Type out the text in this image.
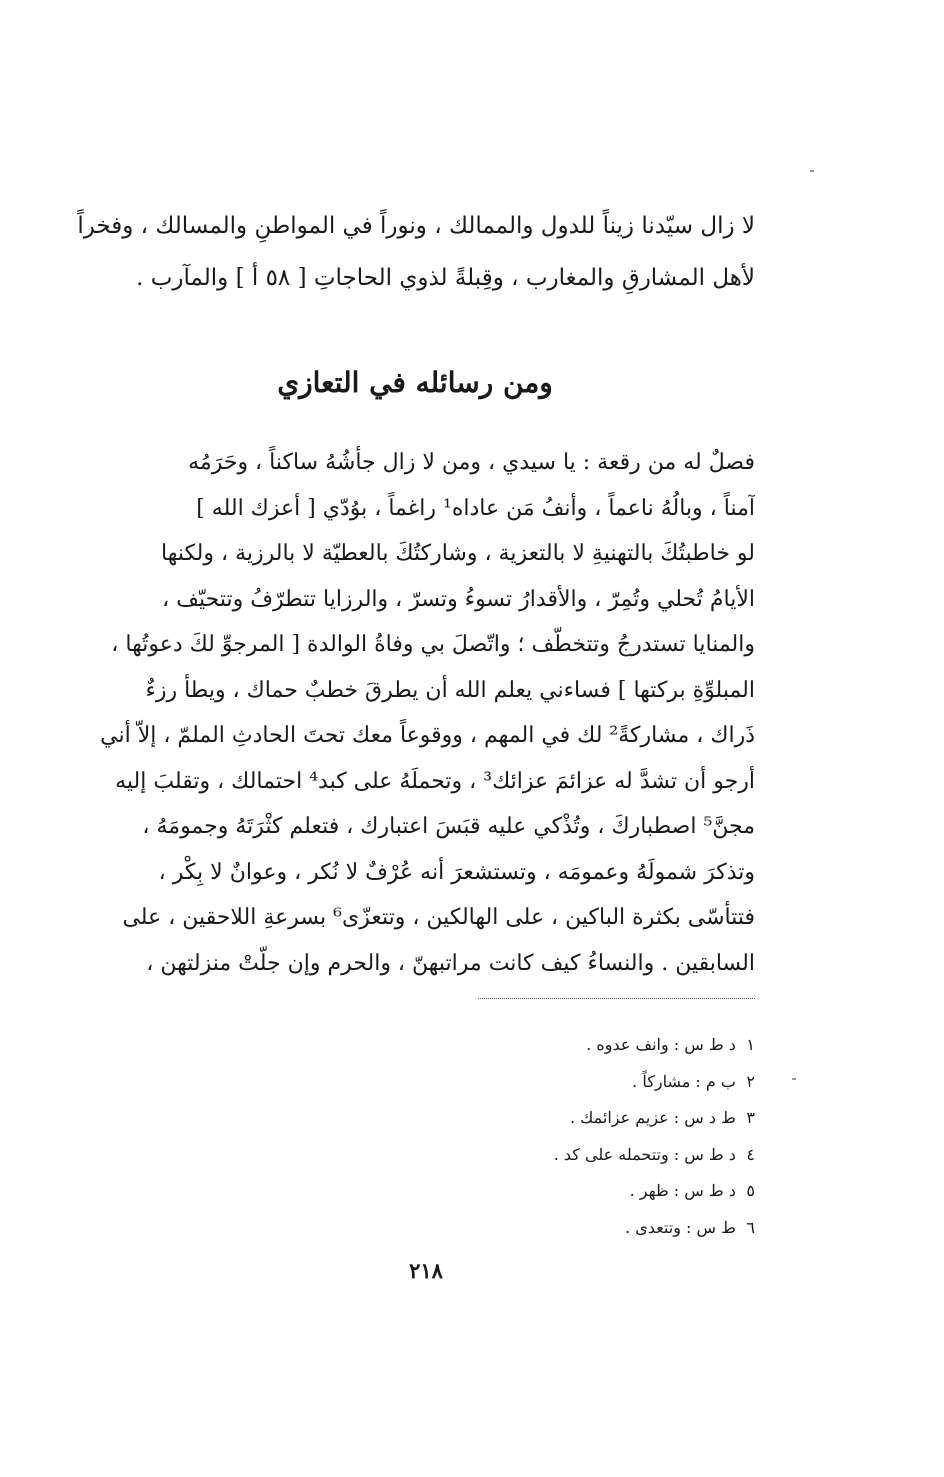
لا زال سيّدنا زيناً للدول والممالك ، ونوراً في المواطنِ والمسالك ، وفخراً
لأهل المشارقِ والمغارب ، وقِبلةً لذوي الحاجاتِ [ ٥٨ أ ] والمآرب .
ومن رسائله في التعازي
فصلٌ له من رقعة : يا سيدي ، ومن لا زال جأشُهُ ساكناً ، وحَرَمُه
آمناً ، وبالُهُ ناعماً ، وأنفُ مَن عاداه¹ راغماً ، بوُدّي [ أعزك الله ]
لو خاطبتُكَ بالتهنيةِ لا بالتعزية ، وشاركتُكَ بالعطيّة لا بالرزية ، ولكنها
الأيامُ تُحلي وتُمِرّ ، والأقدارُ تسوءُ وتسرّ ، والرزايا تتطرّفُ وتتحيّف ،
والمنايا تستدرجُ وتتخطّف ؛ واتّصلَ بي وفاةُ الوالدة [ المرجوِّ لكَ دعوتُها ،
المبلوِّةِ بركتها ] فساءني يعلم الله أن يطرقَ خطبٌ حماك ، ويطأ رزءٌ
ذَراك ، مشاركةً² لك في المهم ، ووقوعاً معك تحتَ الحادثِ الملمّ ، إلاّ أني
أرجو أن تشدَّ له عزائمَ عزائك³ ، وتحملَهُ على كبد⁴ احتمالك ، وتقلبَ إليه
مجنَّ⁵ اصطباركَ ، وتُذْكي عليه قبَسَ اعتبارك ، فتعلم كثْرَتَهُ وجمومَهُ ،
وتذكرَ شمولَهُ وعمومَه ، وتستشعرَ أنه عُرْفٌ لا نُكر ، وعوانٌ لا بِكْر ،
فتتأسّى بكثرة الباكين ، على الهالكين ، وتتعزّى⁶ بسرعةِ اللاحقين ، على
السابقين . والنساءُ كيف كانت مراتبهنّ ، والحرم وإن جلّتْ منزلتهن ،
١ د ط س : وانف عدوه .
٢ ب م : مشاركاً .
٣ ط د س : عزيم عزائمك .
٤ د ط س : وتتحمله على كد .
٥ د ط س : ظهر .
٦ ط س : وتتعدى .
٢١٨
